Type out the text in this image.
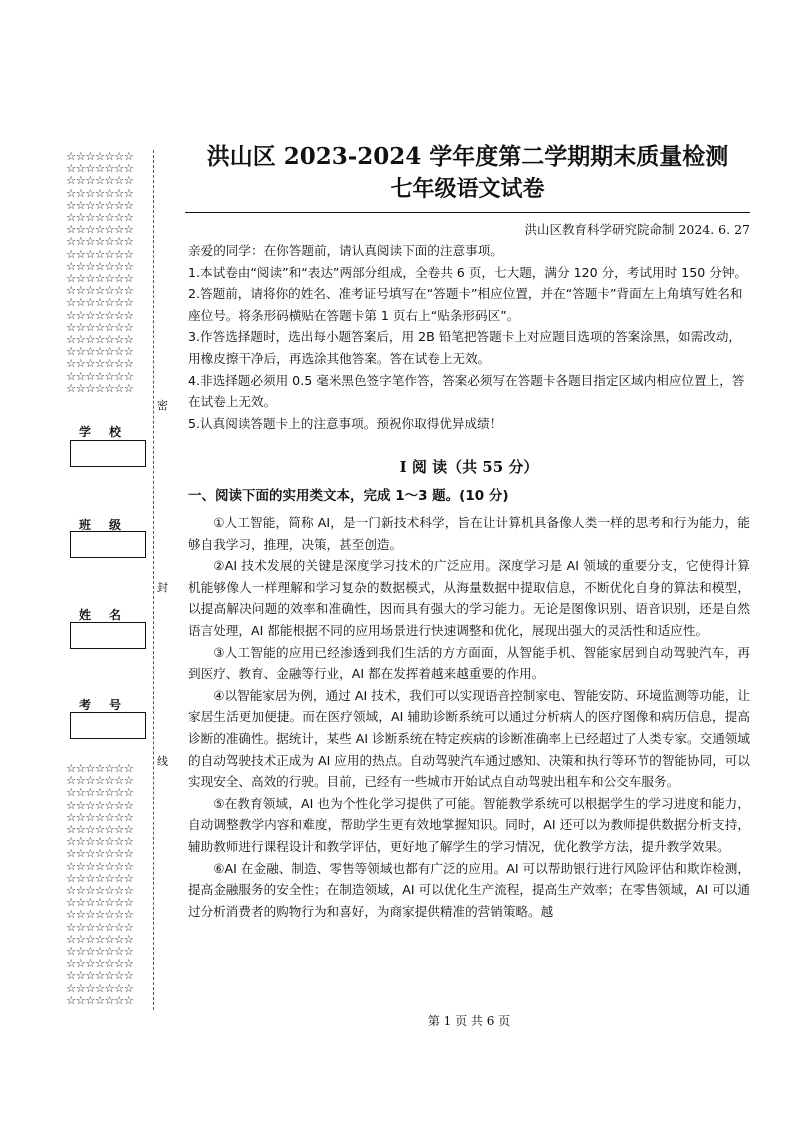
☆☆☆☆☆☆☆
☆☆☆☆☆☆☆
☆☆☆☆☆☆☆
☆☆☆☆☆☆☆
☆☆☆☆☆☆☆
☆☆☆☆☆☆☆
☆☆☆☆☆☆☆
☆☆☆☆☆☆☆
☆☆☆☆☆☆☆
☆☆☆☆☆☆☆
☆☆☆☆☆☆☆
☆☆☆☆☆☆☆
☆☆☆☆☆☆☆
☆☆☆☆☆☆☆
☆☆☆☆☆☆☆
☆☆☆☆☆☆☆
☆☆☆☆☆☆☆
☆☆☆☆☆☆☆
☆☆☆☆☆☆☆
☆☆☆☆☆☆☆
☆☆☆☆☆☆☆
☆☆☆☆☆☆☆
☆☆☆☆☆☆☆
☆☆☆☆☆☆☆
☆☆☆☆☆☆☆
☆☆☆☆☆☆☆
☆☆☆☆☆☆☆
☆☆☆☆☆☆☆
☆☆☆☆☆☆☆
☆☆☆☆☆☆☆
☆☆☆☆☆☆☆
☆☆☆☆☆☆☆
☆☆☆☆☆☆☆
☆☆☆☆☆☆☆
☆☆☆☆☆☆☆
☆☆☆☆☆☆☆
☆☆☆☆☆☆☆
☆☆☆☆☆☆☆
☆☆☆☆☆☆☆
☆☆☆☆☆☆☆
学校
班级
姓名
考号
密
封
线
洪山区 2023-2024 学年度第二学期期末质量检测
七年级语文试卷
洪山区教育科学研究院命制 2024. 6. 27

亲爱的同学：在你答题前，请认真阅读下面的注意事项。

1.本试卷由“阅读”和“表达”两部分组成，全卷共 6 页，七大题，满分 120 分，考试用时 150 分钟。

2.答题前，请将你的姓名、准考证号填写在“答题卡”相应位置，并在“答题卡”背面左上角填写姓名和座位号。将条形码横贴在答题卡第 1 页右上“贴条形码区”。

3.作答选择题时，选出每小题答案后，用 2B 铅笔把答题卡上对应题目选项的答案涂黑，如需改动，用橡皮擦干净后，再选涂其他答案。答在试卷上无效。

4.非选择题必须用 0.5 毫米黑色签字笔作答，答案必须写在答题卡各题目指定区域内相应位置上，答在试卷上无效。

5.认真阅读答题卡上的注意事项。预祝你取得优异成绩！

Ⅰ 阅 读（共 55 分）
一、阅读下面的实用类文本，完成 1～3 题。(10 分)

①人工智能，简称 AI，是一门新技术科学，旨在让计算机具备像人类一样的思考和行为能力，能够自我学习，推理，决策，甚至创造。

②AI 技术发展的关键是深度学习技术的广泛应用。深度学习是 AI 领域的重要分支，它使得计算机能够像人一样理解和学习复杂的数据模式，从海量数据中提取信息，不断优化自身的算法和模型，以提高解决问题的效率和准确性，因而具有强大的学习能力。无论是图像识别、语音识别，还是自然语言处理，AI 都能根据不同的应用场景进行快速调整和优化，展现出强大的灵活性和适应性。

③人工智能的应用已经渗透到我们生活的方方面面，从智能手机、智能家居到自动驾驶汽车，再到医疗、教育、金融等行业，AI 都在发挥着越来越重要的作用。

④以智能家居为例，通过 AI 技术，我们可以实现语音控制家电、智能安防、环境监测等功能，让家居生活更加便捷。而在医疗领域，AI 辅助诊断系统可以通过分析病人的医疗图像和病历信息，提高诊断的准确性。据统计，某些 AI 诊断系统在特定疾病的诊断准确率上已经超过了人类专家。交通领域的自动驾驶技术正成为 AI 应用的热点。自动驾驶汽车通过感知、决策和执行等环节的智能协同，可以实现安全、高效的行驶。目前，已经有一些城市开始试点自动驾驶出租车和公交车服务。

⑤在教育领域，AI 也为个性化学习提供了可能。智能教学系统可以根据学生的学习进度和能力，自动调整教学内容和难度，帮助学生更有效地掌握知识。同时，AI 还可以为教师提供数据分析支持，辅助教师进行课程设计和教学评估，更好地了解学生的学习情况，优化教学方法，提升教学效果。

⑥AI 在金融、制造、零售等领域也都有广泛的应用。AI 可以帮助银行进行风险评估和欺诈检测，提高金融服务的安全性；在制造领域，AI 可以优化生产流程，提高生产效率；在零售领域，AI 可以通过分析消费者的购物行为和喜好，为商家提供精准的营销策略。越

第 1 页 共 6 页
